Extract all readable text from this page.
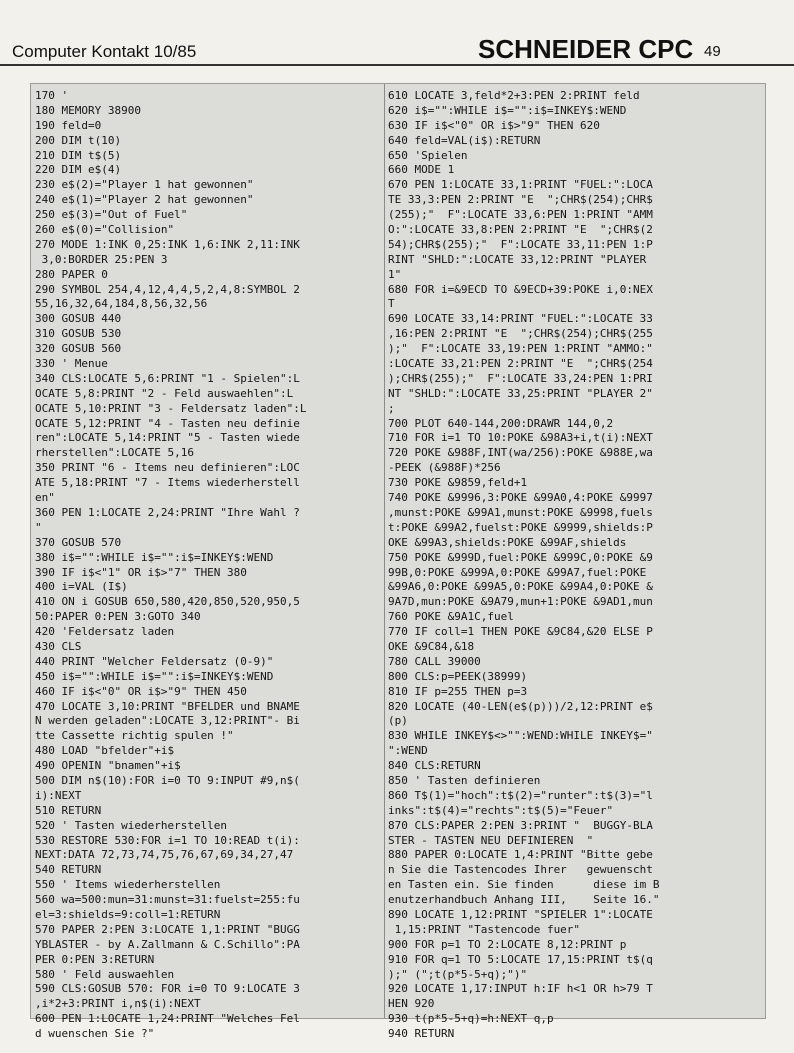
Computer Kontakt 10/85	SCHNEIDER CPC 49
170 '
180 MEMORY 38900
190 feld=0
200 DIM t(10)
210 DIM t$(5)
220 DIM e$(4)
230 e$(2)="Player 1 hat gewonnen"
240 e$(1)="Player 2 hat gewonnen"
250 e$(3)="Out of Fuel"
260 e$(0)="Collision"
270 MODE 1:INK 0,25:INK 1,6:INK 2,11:INK
3,0:BORDER 25:PEN 3
280 PAPER 0
290 SYMBOL 254,4,12,4,4,5,2,4,8:SYMBOL 2
55,16,32,64,184,8,56,32,56
300 GOSUB 440
310 GOSUB 530
320 GOSUB 560
330 ' Menue
340 CLS:LOCATE 5,6:PRINT "1 - Spielen":L
OCATE 5,8:PRINT "2 - Feld auswaehlen":L
OCATE 5,10:PRINT "3 - Feldersatz laden":L
OCATE 5,12:PRINT "4 - Tasten neu definie
ren":LOCATE 5,14:PRINT "5 - Tasten wiede
rherstellen":LOCATE 5,16
350 PRINT "6 - Items neu definieren":LOC
ATE 5,18:PRINT "7 - Items wiederherstell
en"
360 PEN 1:LOCATE 2,24:PRINT "Ihre Wahl ?
"
370 GOSUB 570
380 i$="":WHILE i$="":i$=INKEY$:WEND
390 IF i$<"1" OR i$>"7" THEN 380
400 i=VAL (I$)
410 ON i GOSUB 650,580,420,850,520,950,5
50:PAPER 0:PEN 3:GOTO 340
420 'Feldersatz laden
430 CLS
440 PRINT "Welcher Feldersatz (0-9)"
450 i$="":WHILE i$="":i$=INKEY$:WEND
460 IF i$<"0" OR i$>"9" THEN 450
470 LOCATE 3,10:PRINT "BFELDER und BNAME
N werden geladen":LOCATE 3,12:PRINT"- Bi
tte Cassette richtig spulen !"
480 LOAD "bfelder"+i$
490 OPENIN "bnamen"+i$
500 DIM n$(10):FOR i=0 TO 9:INPUT #9,n$(
i):NEXT
510 RETURN
520 ' Tasten wiederherstellen
530 RESTORE 530:FOR i=1 TO 10:READ t(i):
NEXT:DATA 72,73,74,75,76,67,69,34,27,47
540 RETURN
550 ' Items wiederherstellen
560 wa=500:mun=31:munst=31:fuelst=255:fu
el=3:shields=9:coll=1:RETURN
570 PAPER 2:PEN 3:LOCATE 1,1:PRINT "BUGG
YBLASTER - by A.Zallmann & C.Schillo":PA
PER 0:PEN 3:RETURN
580 ' Feld auswaehlen
590 CLS:GOSUB 570: FOR i=0 TO 9:LOCATE 3
,i*2+3:PRINT i,n$(i):NEXT
600 PEN 1:LOCATE 1,24:PRINT "Welches Fel
d wuenschen Sie ?"
610 LOCATE 3,feld*2+3:PEN 2:PRINT feld
620 i$="":WHILE i$="":i$=INKEY$:WEND
630 IF i$<"0" OR i$>"9" THEN 620
640 feld=VAL(i$):RETURN
650 'Spielen
660 MODE 1
670 PEN 1:LOCATE 33,1:PRINT "FUEL:":LOCA
TE 33,3:PEN 2:PRINT "E  ";CHR$(254);CHR$
(255);"  F":LOCATE 33,6:PEN 1:PRINT "AMM
O:":LOCATE 33,8:PEN 2:PRINT "E  ";CHR$(2
54);CHR$(255);"  F":LOCATE 33,11:PEN 1:P
RINT "SHLD:":LOCATE 33,12:PRINT "PLAYER
1"
680 FOR i=&9ECD TO &9ECD+39:POKE i,0:NEX
T
690 LOCATE 33,14:PRINT "FUEL:":LOCATE 33
,16:PEN 2:PRINT "E  ";CHR$(254);CHR$(255
);"  F":LOCATE 33,19:PEN 1:PRINT "AMMO:"
:LOCATE 33,21:PEN 2:PRINT "E  ";CHR$(254
);CHR$(255);"  F":LOCATE 33,24:PEN 1:PRI
NT "SHLD:":LOCATE 33,25:PRINT "PLAYER 2"
;
700 PLOT 640-144,200:DRAWR 144,0,2
710 FOR i=1 TO 10:POKE &98A3+i,t(i):NEXT
720 POKE &988F,INT(wa/256):POKE &988E,wa
-PEEK (&988F)*256
730 POKE &9859,feld+1
740 POKE &9996,3:POKE &99A0,4:POKE &9997
,munst:POKE &99A1,munst:POKE &9998,fuels
t:POKE &99A2,fuelst:POKE &9999,shields:P
OKE &99A3,shields:POKE &99AF,shields
750 POKE &999D,fuel:POKE &999C,0:POKE &9
99B,0:POKE &999A,0:POKE &99A7,fuel:POKE
&99A6,0:POKE &99A5,0:POKE &99A4,0:POKE &
9A7D,mun:POKE &9A79,mun+1:POKE &9AD1,mun
760 POKE &9A1C,fuel
770 IF coll=1 THEN POKE &9C84,&20 ELSE P
OKE &9C84,&18
780 CALL 39000
800 CLS:p=PEEK(38999)
810 IF p=255 THEN p=3
820 LOCATE (40-LEN(e$(p)))/2,12:PRINT e$
(p)
830 WHILE INKEY$<>"":WEND:WHILE INKEY$="
":WEND
840 CLS:RETURN
850 ' Tasten definieren
860 T$(1)="hoch":t$(2)="runter":t$(3)="l
inks":t$(4)="rechts":t$(5)="Feuer"
870 CLS:PAPER 2:PEN 3:PRINT "  BUGGY-BLA
STER - TASTEN NEU DEFINIEREN  "
880 PAPER 0:LOCATE 1,4:PRINT "Bitte gebe
n Sie die Tastencodes Ihrer   gewuenscht
en Tasten ein. Sie finden      diese im B
enutzerhandbuch Anhang III,    Seite 16."
890 LOCATE 1,12:PRINT "SPIELER 1":LOCATE
1,15:PRINT "Tastencode fuer"
900 FOR p=1 TO 2:LOCATE 8,12:PRINT p
910 FOR q=1 TO 5:LOCATE 17,15:PRINT t$(q
);" (";t(p*5-5+q);")"
920 LOCATE 1,17:INPUT h:IF h<1 OR h>79 T
HEN 920
930 t(p*5-5+q)=h:NEXT q,p
940 RETURN
